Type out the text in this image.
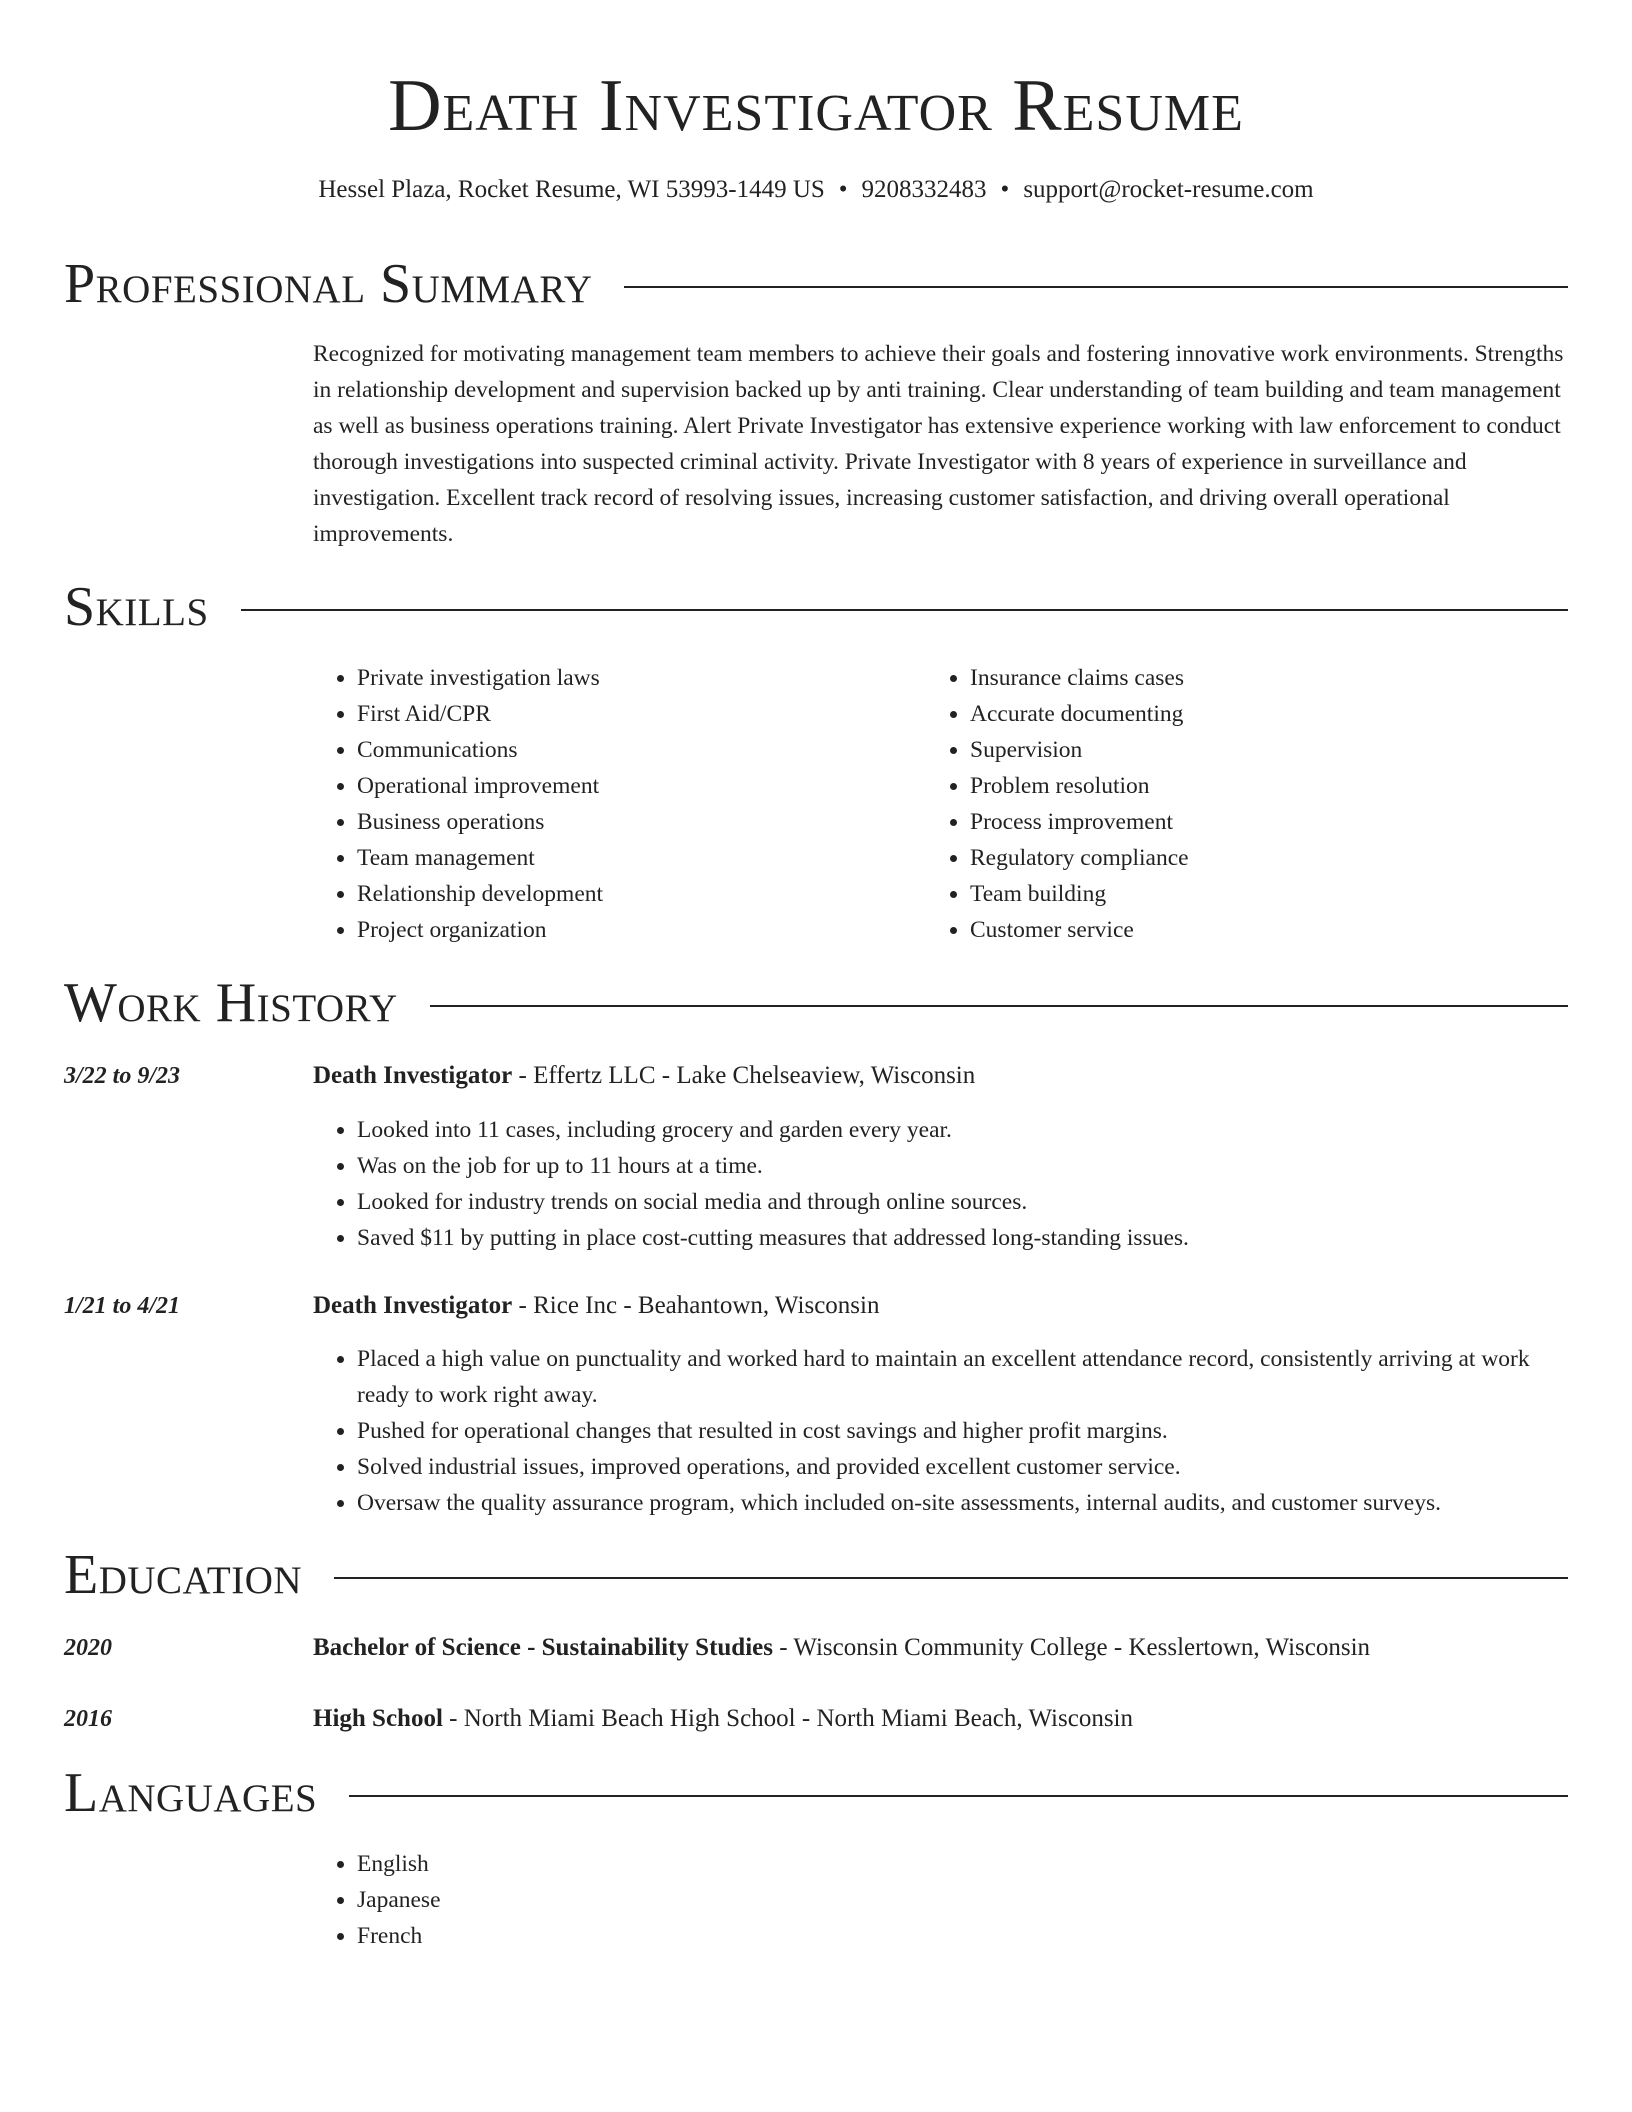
Death Investigator Resume
Hessel Plaza, Rocket Resume, WI 53993-1449 US • 9208332483 • support@rocket-resume.com
Professional Summary

Recognized for motivating management team members to achieve their goals and fostering innovative work environments. Strengths in relationship development and supervision backed up by anti training. Clear understanding of team building and team management as well as business operations training. Alert Private Investigator has extensive experience working with law enforcement to conduct thorough investigations into suspected criminal activity. Private Investigator with 8 years of experience in surveillance and investigation. Excellent track record of resolving issues, increasing customer satisfaction, and driving overall operational improvements.

Skills
• Private investigation laws
• First Aid/CPR
• Communications
• Operational improvement
• Business operations
• Team management
• Relationship development
• Project organization
• Insurance claims cases
• Accurate documenting
• Supervision
• Problem resolution
• Process improvement
• Regulatory compliance
• Team building
• Customer service
Work History
3/22 to 9/23	Death Investigator - Effertz LLC - Lake Chelseaview, Wisconsin
• Looked into 11 cases, including grocery and garden every year.
• Was on the job for up to 11 hours at a time.
• Looked for industry trends on social media and through online sources.
• Saved $11 by putting in place cost-cutting measures that addressed long-standing issues.
1/21 to 4/21	Death Investigator - Rice Inc - Beahantown, Wisconsin
• Placed a high value on punctuality and worked hard to maintain an excellent attendance record, consistently arriving at work ready to work right away.
• Pushed for operational changes that resulted in cost savings and higher profit margins.
• Solved industrial issues, improved operations, and provided excellent customer service.
• Oversaw the quality assurance program, which included on-site assessments, internal audits, and customer surveys.
Education
2020	Bachelor of Science - Sustainability Studies - Wisconsin Community College - Kesslertown, Wisconsin
2016	High School - North Miami Beach High School - North Miami Beach, Wisconsin
Languages
• English
• Japanese
• French
